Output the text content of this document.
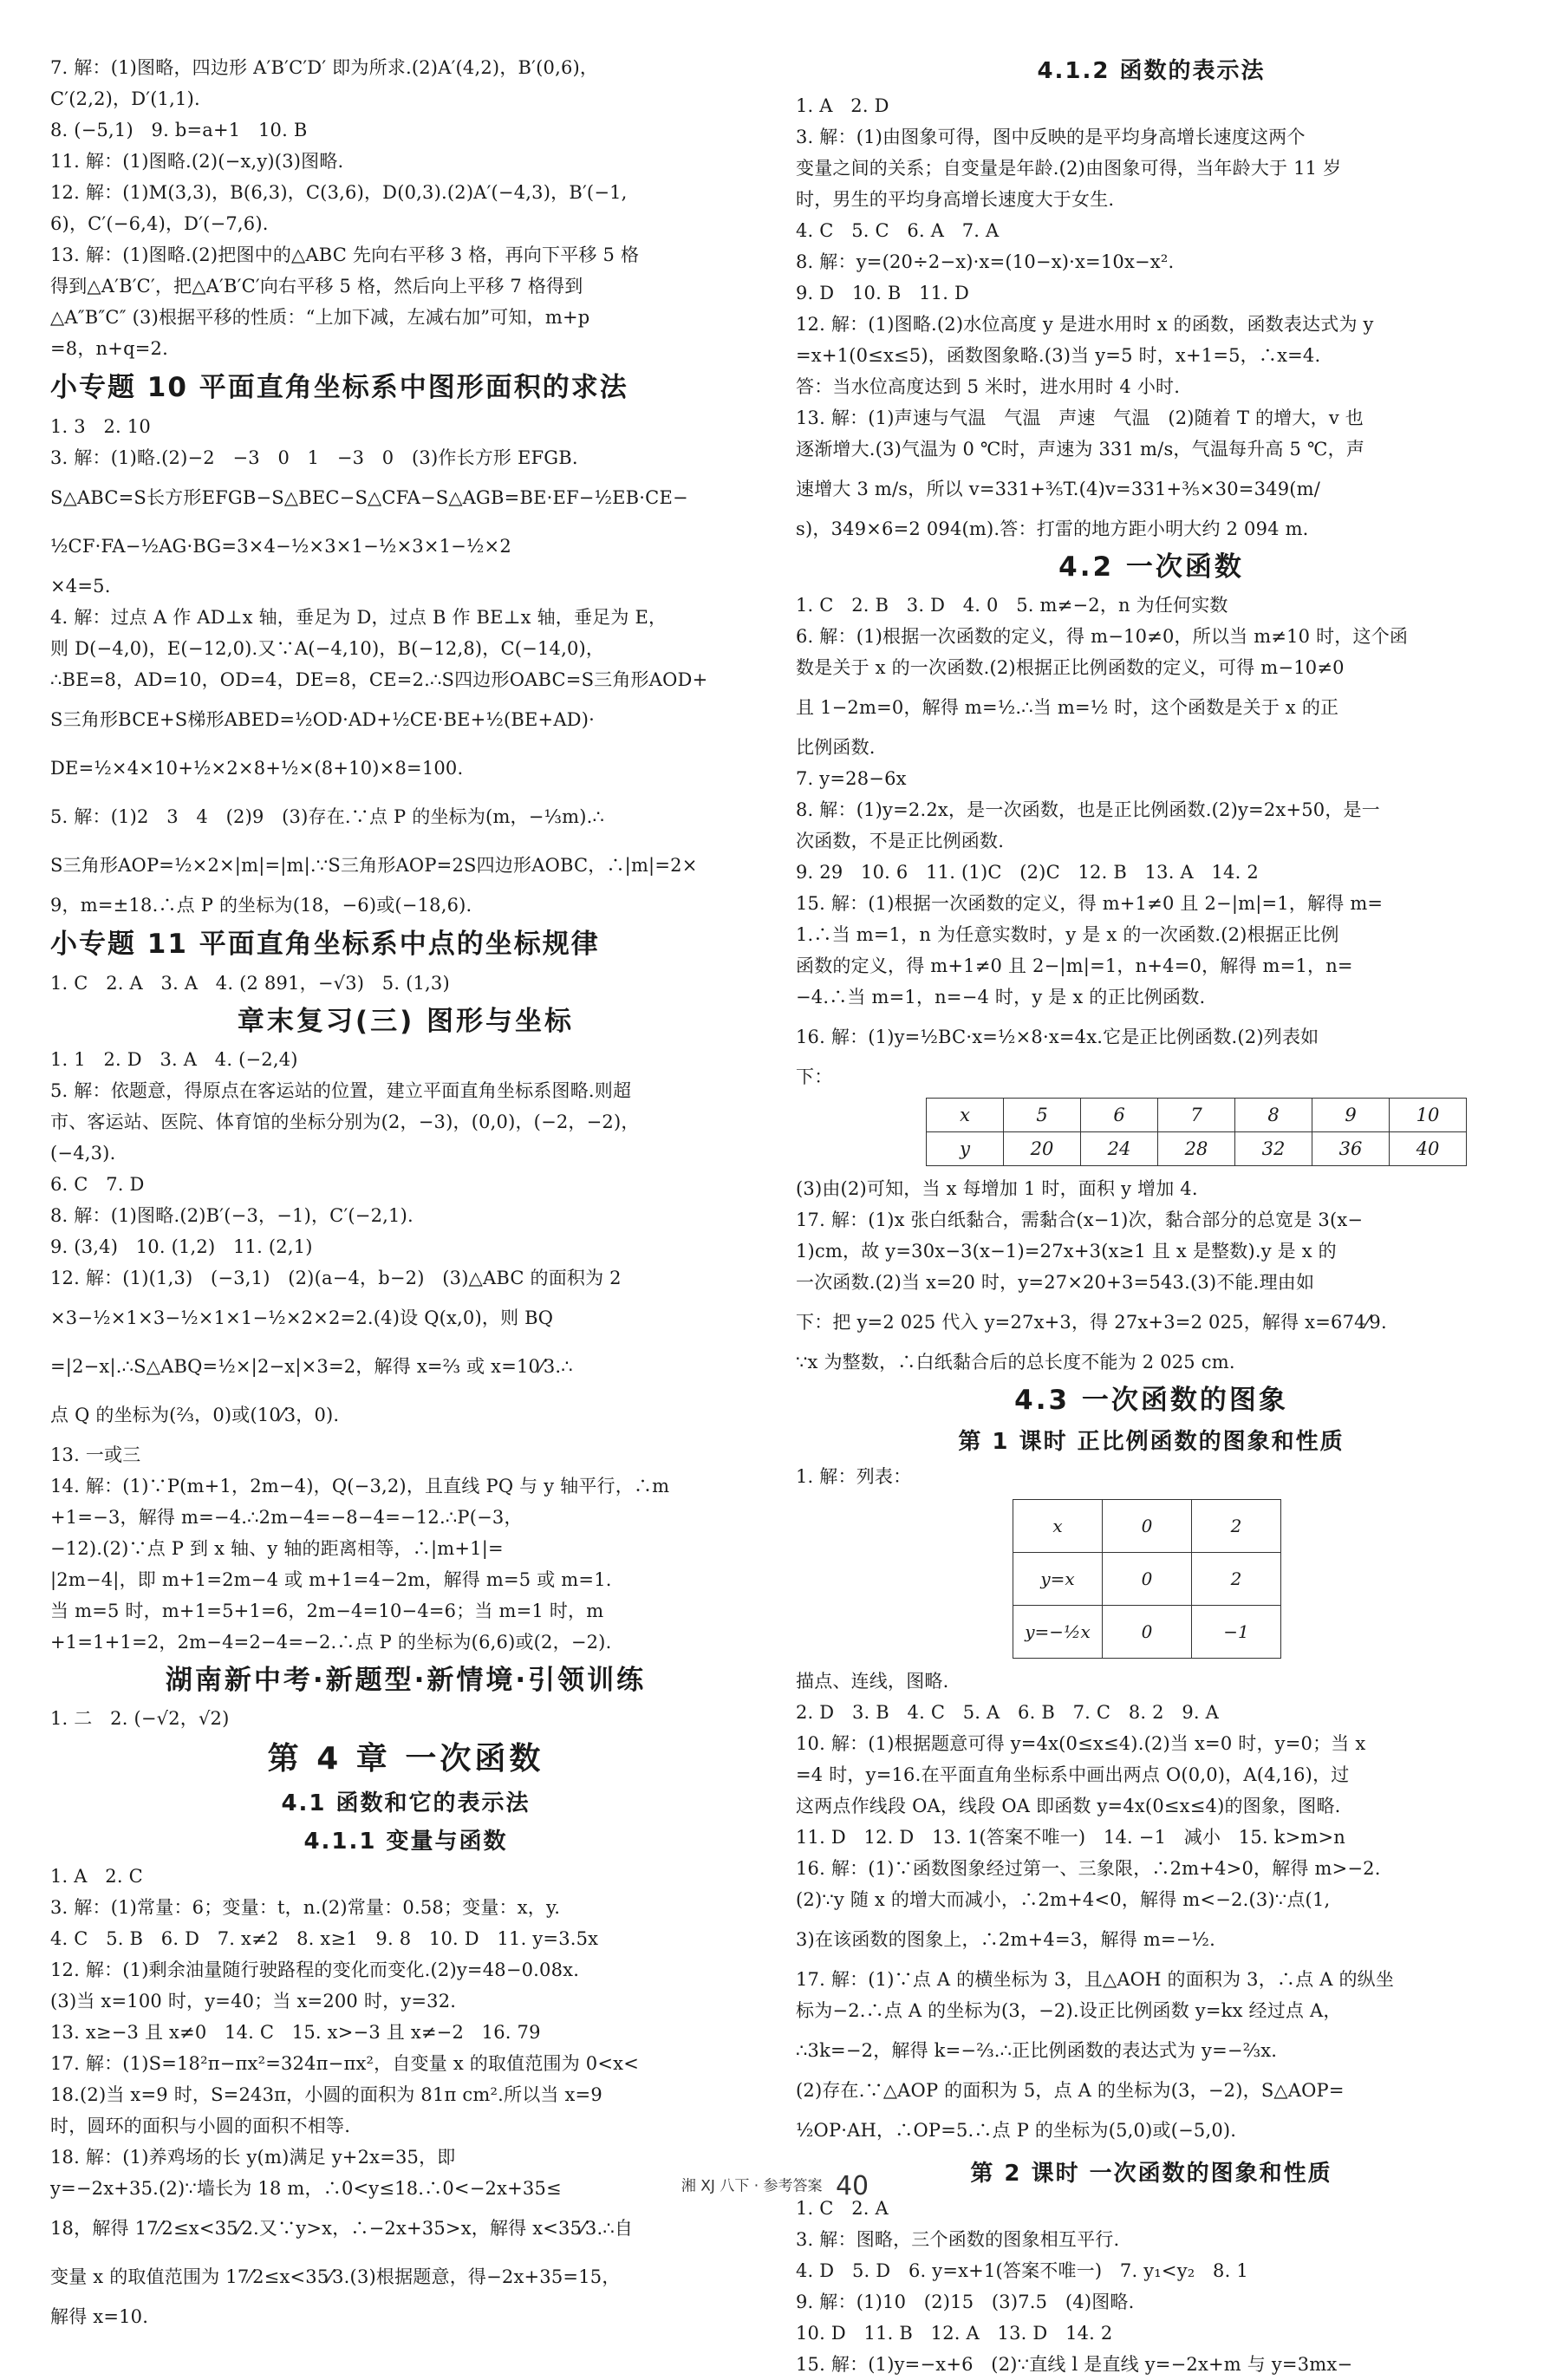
7. 解：(1)图略，四边形 A′B′C′D′ 即为所求.(2)A′(4,2)，B′(0,6)，
C′(2,2)，D′(1,1).
8. (−5,1)   9. b=a+1   10. B
11. 解：(1)图略.(2)(−x,y)(3)图略.
12. 解：(1)M(3,3)，B(6,3)，C(3,6)，D(0,3).(2)A′(−4,3)，B′(−1,
6)，C′(−6,4)，D′(−7,6).
13. 解：(1)图略.(2)把图中的△ABC 先向右平移 3 格，再向下平移 5 格
得到△A′B′C′，把△A′B′C′向右平移 5 格，然后向上平移 7 格得到
△A″B″C″ (3)根据平移的性质：“上加下减，左减右加”可知，m+p
=8，n+q=2.
小专题 10 平面直角坐标系中图形面积的求法
1. 3   2. 10
3. 解：(1)略.(2)−2   −3   0   1   −3   0   (3)作长方形 EFGB.
S△ABC=S长方形EFGB−S△BEC−S△CFA−S△AGB=BE·EF−½EB·CE−
½CF·FA−½AG·BG=3×4−½×3×1−½×3×1−½×2
×4=5.
4. 解：过点 A 作 AD⊥x 轴，垂足为 D，过点 B 作 BE⊥x 轴，垂足为 E，
则 D(−4,0)，E(−12,0).又∵A(−4,10)，B(−12,8)，C(−14,0)，
∴BE=8，AD=10，OD=4，DE=8，CE=2.∴S四边形OABC=S三角形AOD+
S三角形BCE+S梯形ABED=½OD·AD+½CE·BE+½(BE+AD)·
DE=½×4×10+½×2×8+½×(8+10)×8=100.
5. 解：(1)2   3   4   (2)9   (3)存在.∵点 P 的坐标为(m，−⅓m).∴
S三角形AOP=½×2×|m|=|m|.∵S三角形AOP=2S四边形AOBC，∴|m|=2×
9，m=±18.∴点 P 的坐标为(18，−6)或(−18,6).
小专题 11 平面直角坐标系中点的坐标规律
1. C   2. A   3. A   4. (2 891，−√3)   5. (1,3)
章末复习(三) 图形与坐标
1. 1   2. D   3. A   4. (−2,4)
5. 解：依题意，得原点在客运站的位置，建立平面直角坐标系图略.则超
市、客运站、医院、体育馆的坐标分别为(2，−3)，(0,0)，(−2，−2)，
(−4,3).
6. C   7. D
8. 解：(1)图略.(2)B′(−3，−1)，C′(−2,1).
9. (3,4)   10. (1,2)   11. (2,1)
12. 解：(1)(1,3)   (−3,1)   (2)(a−4，b−2)   (3)△ABC 的面积为 2
×3−½×1×3−½×1×1−½×2×2=2.(4)设 Q(x,0)，则 BQ
=|2−x|.∴S△ABQ=½×|2−x|×3=2，解得 x=⅔ 或 x=10⁄3.∴
点 Q 的坐标为(⅔，0)或(10⁄3，0).
13. 一或三
14. 解：(1)∵P(m+1，2m−4)，Q(−3,2)，且直线 PQ 与 y 轴平行，∴m
+1=−3，解得 m=−4.∴2m−4=−8−4=−12.∴P(−3，
−12).(2)∵点 P 到 x 轴、y 轴的距离相等，∴|m+1|=
|2m−4|，即 m+1=2m−4 或 m+1=4−2m，解得 m=5 或 m=1.
当 m=5 时，m+1=5+1=6，2m−4=10−4=6；当 m=1 时，m
+1=1+1=2，2m−4=2−4=−2.∴点 P 的坐标为(6,6)或(2，−2).
湖南新中考·新题型·新情境·引领训练
1. 二   2. (−√2，√2)
第 4 章 一次函数
4.1 函数和它的表示法
4.1.1 变量与函数
1. A   2. C
3. 解：(1)常量：6；变量：t，n.(2)常量：0.58；变量：x，y.
4. C   5. B   6. D   7. x≠2   8. x≥1   9. 8   10. D   11. y=3.5x
12. 解：(1)剩余油量随行驶路程的变化而变化.(2)y=48−0.08x.
(3)当 x=100 时，y=40；当 x=200 时，y=32.
13. x≥−3 且 x≠0   14. C   15. x>−3 且 x≠−2   16. 79
17. 解：(1)S=18²π−πx²=324π−πx²，自变量 x 的取值范围为 0<x<
18.(2)当 x=9 时，S=243π，小圆的面积为 81π cm².所以当 x=9
时，圆环的面积与小圆的面积不相等.
18. 解：(1)养鸡场的长 y(m)满足 y+2x=35，即
y=−2x+35.(2)∵墙长为 18 m，∴0<y≤18.∴0<−2x+35≤
18，解得 17⁄2≤x<35⁄2.又∵y>x，∴−2x+35>x，解得 x<35⁄3.∴自
变量 x 的取值范围为 17⁄2≤x<35⁄3.(3)根据题意，得−2x+35=15，
解得 x=10.
4.1.2 函数的表示法
1. A   2. D
3. 解：(1)由图象可得，图中反映的是平均身高增长速度这两个
变量之间的关系；自变量是年龄.(2)由图象可得，当年龄大于 11 岁
时，男生的平均身高增长速度大于女生.
4. C   5. C   6. A   7. A
8. 解：y=(20÷2−x)·x=(10−x)·x=10x−x².
9. D   10. B   11. D
12. 解：(1)图略.(2)水位高度 y 是进水用时 x 的函数，函数表达式为 y
=x+1(0≤x≤5)，函数图象略.(3)当 y=5 时，x+1=5，∴x=4.
答：当水位高度达到 5 米时，进水用时 4 小时.
13. 解：(1)声速与气温   气温   声速   气温   (2)随着 T 的增大，v 也
逐渐增大.(3)气温为 0 ℃时，声速为 331 m/s，气温每升高 5 ℃，声
速增大 3 m/s，所以 v=331+⅗T.(4)v=331+⅗×30=349(m/
s)，349×6=2 094(m).答：打雷的地方距小明大约 2 094 m.
4.2 一次函数
1. C   2. B   3. D   4. 0   5. m≠−2，n 为任何实数
6. 解：(1)根据一次函数的定义，得 m−10≠0，所以当 m≠10 时，这个函
数是关于 x 的一次函数.(2)根据正比例函数的定义，可得 m−10≠0
且 1−2m=0，解得 m=½.∴当 m=½ 时，这个函数是关于 x 的正
比例函数.
7. y=28−6x
8. 解：(1)y=2.2x，是一次函数，也是正比例函数.(2)y=2x+50，是一
次函数，不是正比例函数.
9. 29   10. 6   11. (1)C   (2)C   12. B   13. A   14. 2
15. 解：(1)根据一次函数的定义，得 m+1≠0 且 2−|m|=1，解得 m=
1.∴当 m=1，n 为任意实数时，y 是 x 的一次函数.(2)根据正比例
函数的定义，得 m+1≠0 且 2−|m|=1，n+4=0，解得 m=1，n=
−4.∴当 m=1，n=−4 时，y 是 x 的正比例函数.
16. 解：(1)y=½BC·x=½×8·x=4x.它是正比例函数.(2)列表如
下：
x	5	6	7	8	9	10
y	20	24	28	32	36	40
(3)由(2)可知，当 x 每增加 1 时，面积 y 增加 4.
17. 解：(1)x 张白纸黏合，需黏合(x−1)次，黏合部分的总宽是 3(x−
1)cm，故 y=30x−3(x−1)=27x+3(x≥1 且 x 是整数).y 是 x 的
一次函数.(2)当 x=20 时，y=27×20+3=543.(3)不能.理由如
下：把 y=2 025 代入 y=27x+3，得 27x+3=2 025，解得 x=674⁄9.
∵x 为整数，∴白纸黏合后的总长度不能为 2 025 cm.
4.3 一次函数的图象
第 1 课时 正比例函数的图象和性质
1. 解：列表：
x	0	2
y=x	0	2
y=−½x	0	−1
描点、连线，图略.
2. D   3. B   4. C   5. A   6. B   7. C   8. 2   9. A
10. 解：(1)根据题意可得 y=4x(0≤x≤4).(2)当 x=0 时，y=0；当 x
=4 时，y=16.在平面直角坐标系中画出两点 O(0,0)，A(4,16)，过
这两点作线段 OA，线段 OA 即函数 y=4x(0≤x≤4)的图象，图略.
11. D   12. D   13. 1(答案不唯一)   14. −1   减小   15. k>m>n
16. 解：(1)∵函数图象经过第一、三象限，∴2m+4>0，解得 m>−2.
(2)∵y 随 x 的增大而减小，∴2m+4<0，解得 m<−2.(3)∵点(1,
3)在该函数的图象上，∴2m+4=3，解得 m=−½.
17. 解：(1)∵点 A 的横坐标为 3，且△AOH 的面积为 3，∴点 A 的纵坐
标为−2.∴点 A 的坐标为(3，−2).设正比例函数 y=kx 经过点 A，
∴3k=−2，解得 k=−⅔.∴正比例函数的表达式为 y=−⅔x.
(2)存在.∵△AOP 的面积为 5，点 A 的坐标为(3，−2)，S△AOP=
½OP·AH，∴OP=5.∴点 P 的坐标为(5,0)或(−5,0).
第 2 课时 一次函数的图象和性质
1. C   2. A
3. 解：图略，三个函数的图象相互平行.
4. D   5. D   6. y=x+1(答案不唯一)   7. y₁<y₂   8. 1
9. 解：(1)10   (2)15   (3)7.5   (4)图略.
10. D   11. B   12. A   13. D   14. 2
15. 解：(1)y=−x+6   (2)∵直线 l 是直线 y=−2x+m 与 y=3mx−
湘 XJ 八下 · 参考答案 40
